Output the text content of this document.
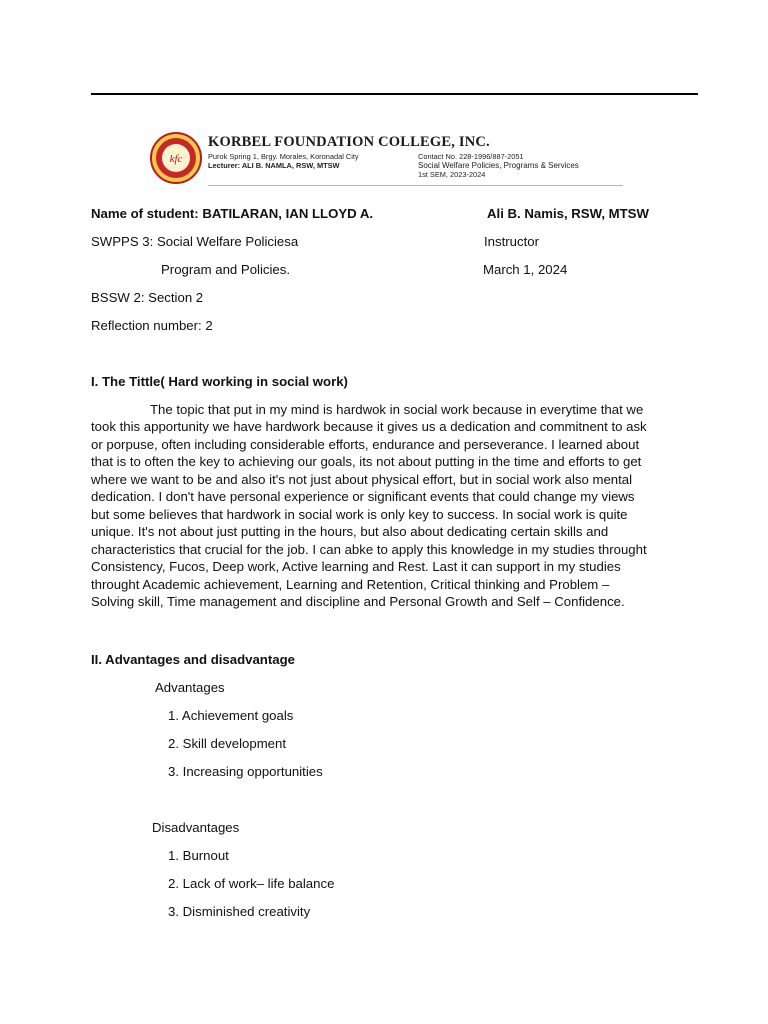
kfc
KORBEL FOUNDATION COLLEGE, INC.
Purok Spring 1, Brgy. Morales, Koronadal City
Lecturer: ALI B. NAMLA, RSW, MTSW
Contact No. 228-1996/887-2051
Social Welfare Policies, Programs & Services
1st SEM, 2023-2024
Name of student: BATILARAN, IAN LLOYD A.	Ali B. Namis, RSW, MTSW
SWPPS 3: Social Welfare Policiesa	Instructor
Program and Policies.	March 1, 2024
BSSW 2: Section 2
Reflection number: 2
I. The Tittle( Hard working in social work)

The topic that put in my mind is hardwok in social work because in everytime that we
took this apportunity we have hardwork because it gives us a dedication and commitnent to ask
or porpuse, often including considerable efforts, endurance and perseverance. I learned about
that is to often the key to achieving our goals, its not about putting in the time and efforts to get
where we want to be and also it's not just about physical effort, but in social work also mental
dedication. I don't have personal experience or significant events that could change my views
but some believes that hardwork in social work is only key to success. In social work is quite
unique. It's not about just putting in the hours, but also about dedicating certain skills and
characteristics that crucial for the job. I can abke to apply this knowledge in my studies throught
Consistency, Fucos, Deep work, Active learning and Rest. Last it can support in my studies
throught Academic achievement, Learning and Retention, Critical thinking and Problem –
Solving skill, Time management and discipline and Personal Growth and Self – Confidence.

II. Advantages and disadvantage
Advantages
1. Achievement goals
2. Skill development
3. Increasing opportunities
Disadvantages
1. Burnout
2. Lack of work– life balance
3. Disminished creativity
